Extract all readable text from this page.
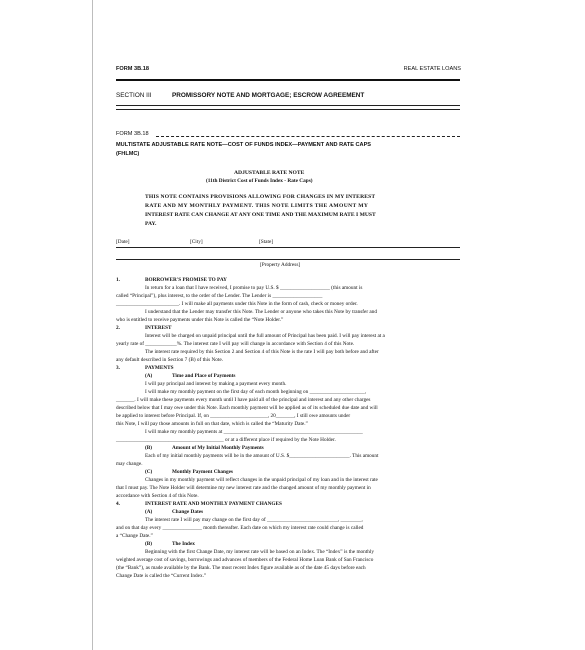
FORM 3B.18	REAL ESTATE LOANS
SECTION III	PROMISSORY NOTE AND MORTGAGE; ESCROW AGREEMENT
FORM 3B.18
MULTISTATE ADJUSTABLE RATE NOTE—COST OF FUNDS INDEX—PAYMENT AND RATE CAPS
(FHLMC)
ADJUSTABLE RATE NOTE
(11th District Cost of Funds Index - Rate Caps)
THIS NOTE CONTAINS PROVISIONS ALLOWING FOR CHANGES IN MY INTEREST
RATE AND MY MONTHLY PAYMENT. THIS NOTE LIMITS THE AMOUNT MY
INTEREST RATE CAN CHANGE AT ANY ONE TIME AND THE MAXIMUM RATE I MUST
PAY.
[Date]	[City]	[State]
[Property Address]
1.	BORROWER'S PROMISE TO PAY
In return for a loan that I have received, I promise to pay U.S. $ ___________________ (this amount is
called “Principal”), plus interest, to the order of the Lender. The Lender is ___________________
________________________. I will make all payments under this Note in the form of cash, check or money order.
I understand that the Lender may transfer this Note. The Lender or anyone who takes this Note by transfer and
who is entitled to receive payments under this Note is called the “Note Holder.”
2.	INTEREST
Interest will be charged on unpaid principal until the full amount of Principal has been paid. I will pay interest at a
yearly rate of ____________%. The interest rate I will pay will change in accordance with Section 4 of this Note.
The interest rate required by this Section 2 and Section 4 of this Note is the rate I will pay both before and after
any default described in Section 7 (B) of this Note.
3.	PAYMENTS
(A)	Time and Place of Payments
I will pay principal and interest by making a payment every month.
I will make my monthly payment on the first day of each month beginning on _____________________,
_______. I will make these payments every month until I have paid all of the principal and interest and any other charges
described below that I may owe under this Note. Each monthly payment will be applied as of its scheduled due date and will
be applied to interest before Principal. If, on ______________________, 20_______, I still owe amounts under
this Note, I will pay those amounts in full on that date, which is called the “Maturity Date.”
I will make my monthly payments at _____________________________________________________
_________________________________________ or at a different place if required by the Note Holder.
(B)	Amount of My Initial Monthly Payments
Each of my initial monthly payments will be in the amount of U.S. $_______________________. This amount
may change.
(C)	Monthly Payment Changes
Changes in my monthly payment will reflect changes in the unpaid principal of my loan and in the interest rate
that I must pay. The Note Holder will determine my new interest rate and the changed amount of my monthly payment in
accordance with Section 4 of this Note.
4.	INTEREST RATE AND MONTHLY PAYMENT CHANGES
(A)	Change Dates
The interest rate I will pay may change on the first day of ___________________________, ________,
and on that day every _______________ month thereafter. Each date on which my interest rate could change is called
a “Change Date.”
(B)	The Index
Beginning with the first Change Date, my interest rate will be based on an Index. The “Index” is the monthly
weighted average cost of savings, borrowings and advances of members of the Federal Home Loan Bank of San Francisco
(the “Bank”), as made available by the Bank. The most recent Index figure available as of the date 45 days before each
Change Date is called the “Current Index.”
